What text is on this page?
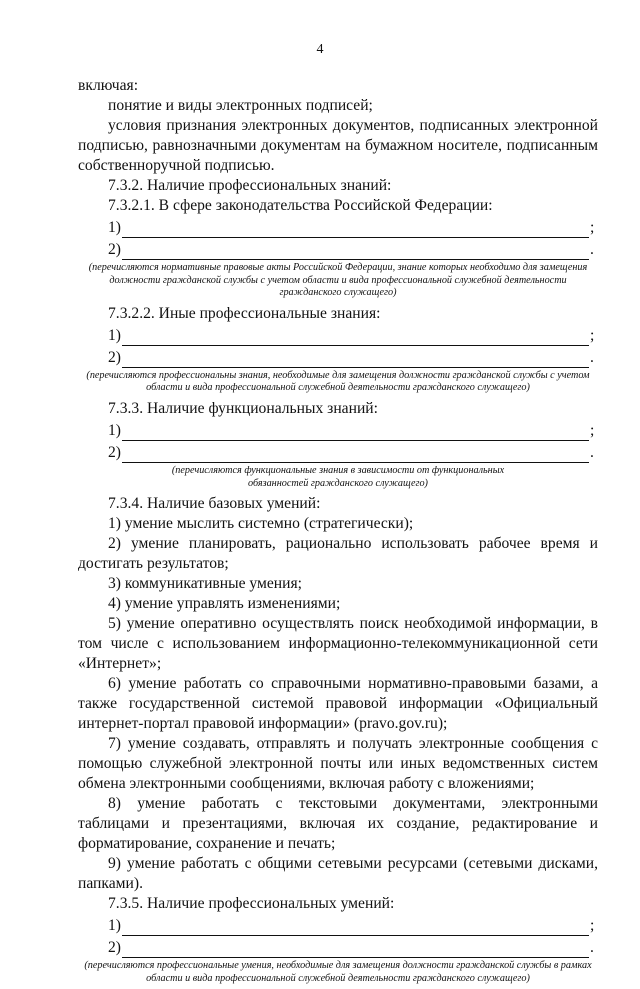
4

включая:

понятие и виды электронных подписей;

условия признания электронных документов, подписанных электронной подписью, равнозначными документам на бумажном носителе, подписанным собственноручной подписью.

7.3.2. Наличие профессиональных знаний:

7.3.2.1. В сфере законодательства Российской Федерации:

1)	;
2)	.

(перечисляются нормативные правовые акты Российской Федерации, знание которых необходимо для замещения должности гражданской службы с учетом области и вида профессиональной служебной деятельности гражданского служащего)

7.3.2.2. Иные профессиональные знания:

1)	;
2)	.

(перечисляются профессиональны знания, необходимые для замещения должности гражданской службы с учетом области и вида профессиональной служебной деятельности гражданского служащего)

7.3.3. Наличие функциональных знаний:

1)	;
2)	.

(перечисляются функциональные знания в зависимости от функциональных обязанностей гражданского служащего)

7.3.4. Наличие базовых умений:

1) умение мыслить системно (стратегически);

2) умение планировать, рационально использовать рабочее время и достигать результатов;

3) коммуникативные умения;

4) умение управлять изменениями;

5) умение оперативно осуществлять поиск необходимой информации, в том числе с использованием информационно-телекоммуникационной сети «Интернет»;

6) умение работать со справочными нормативно-правовыми базами, а также государственной системой правовой информации «Официальный интернет-портал правовой информации» (pravo.gov.ru);

7) умение создавать, отправлять и получать электронные сообщения с помощью служебной электронной почты или иных ведомственных систем обмена электронными сообщениями, включая работу с вложениями;

8) умение работать с текстовыми документами, электронными таблицами и презентациями, включая их создание, редактирование и форматирование, сохранение и печать;

9) умение работать с общими сетевыми ресурсами (сетевыми дисками, папками).

7.3.5. Наличие профессиональных умений:

1)	;
2)	.

(перечисляются профессиональные умения, необходимые для замещения должности гражданской службы в рамках области и вида профессиональной служебной деятельности гражданского служащего)
